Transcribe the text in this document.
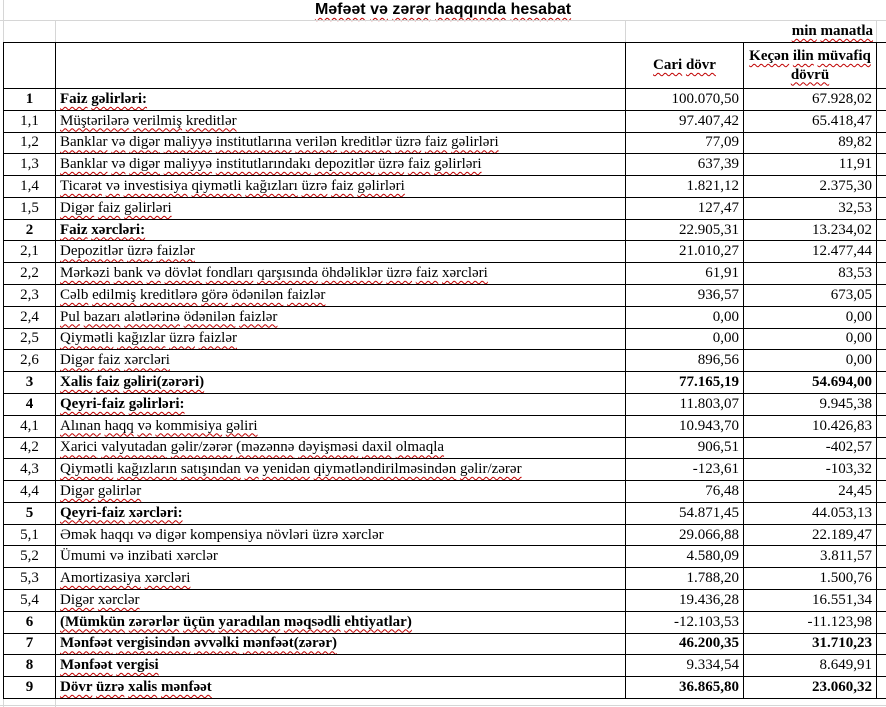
Məfəət və zərər haqqında hesabat
min manatla
		Cari dövr	Keçən ilin müvafiq dövrü	
1	Faiz gəlirləri:	100.070,50	67.928,02	
1,1	Müştərilərə verilmiş kreditlər	97.407,42	65.418,47	
1,2	Banklar və digər maliyyə institutlarına verilən kreditlər üzrə faiz gəlirləri	77,09	89,82	
1,3	Banklar və digər maliyyə institutlarındakı depozitlər üzrə faiz gəlirləri	637,39	11,91	
1,4	Ticarət və investisiya qiymətli kağızları üzrə faiz gəlirləri	1.821,12	2.375,30	
1,5	Digər faiz gəlirləri	127,47	32,53	
2	Faiz xərcləri:	22.905,31	13.234,02	
2,1	Depozitlər üzrə faizlər	21.010,27	12.477,44	
2,2	Mərkəzi bank və dövlət fondları qarşısında öhdəliklər üzrə faiz xərcləri	61,91	83,53	
2,3	Cəlb edilmiş kreditlərə görə ödənilən faizlər	936,57	673,05	
2,4	Pul bazarı alətlərinə ödənilən faizlər	0,00	0,00	
2,5	Qiymətli kağızlar üzrə faizlər	0,00	0,00	
2,6	Digər faiz xərcləri	896,56	0,00	
3	Xalis faiz gəliri(zərəri)	77.165,19	54.694,00	
4	Qeyri-faiz gəlirləri:	11.803,07	9.945,38	
4,1	Alınan haqq və kommisiya gəliri	10.943,70	10.426,83	
4,2	Xarici valyutadan gəlir/zərər (məzənnə dəyişməsi daxil olmaqla	906,51	-402,57	
4,3	Qiymətli kağızların satışından və yenidən qiymətləndirilməsindən gəlir/zərər	-123,61	-103,32	
4,4	Digər gəlirlər	76,48	24,45	
5	Qeyri-faiz xərcləri:	54.871,45	44.053,13	
5,1	Əmək haqqı və digər kompensiya növləri üzrə xərclər	29.066,88	22.189,47	
5,2	Ümumi və inzibati xərclər	4.580,09	3.811,57	
5,3	Amortizasiya xərcləri	1.788,20	1.500,76	
5,4	Digər xərclər	19.436,28	16.551,34	
6	(Mümkün zərərlər üçün yaradılan məqsədli ehtiyatlar)	-12.103,53	-11.123,98	
7	Mənfəət vergisindən əvvəlki mənfəət(zərər)	46.200,35	31.710,23	
8	Mənfəət vergisi	9.334,54	8.649,91	
9	Dövr üzrə xalis mənfəət	36.865,80	23.060,32	
